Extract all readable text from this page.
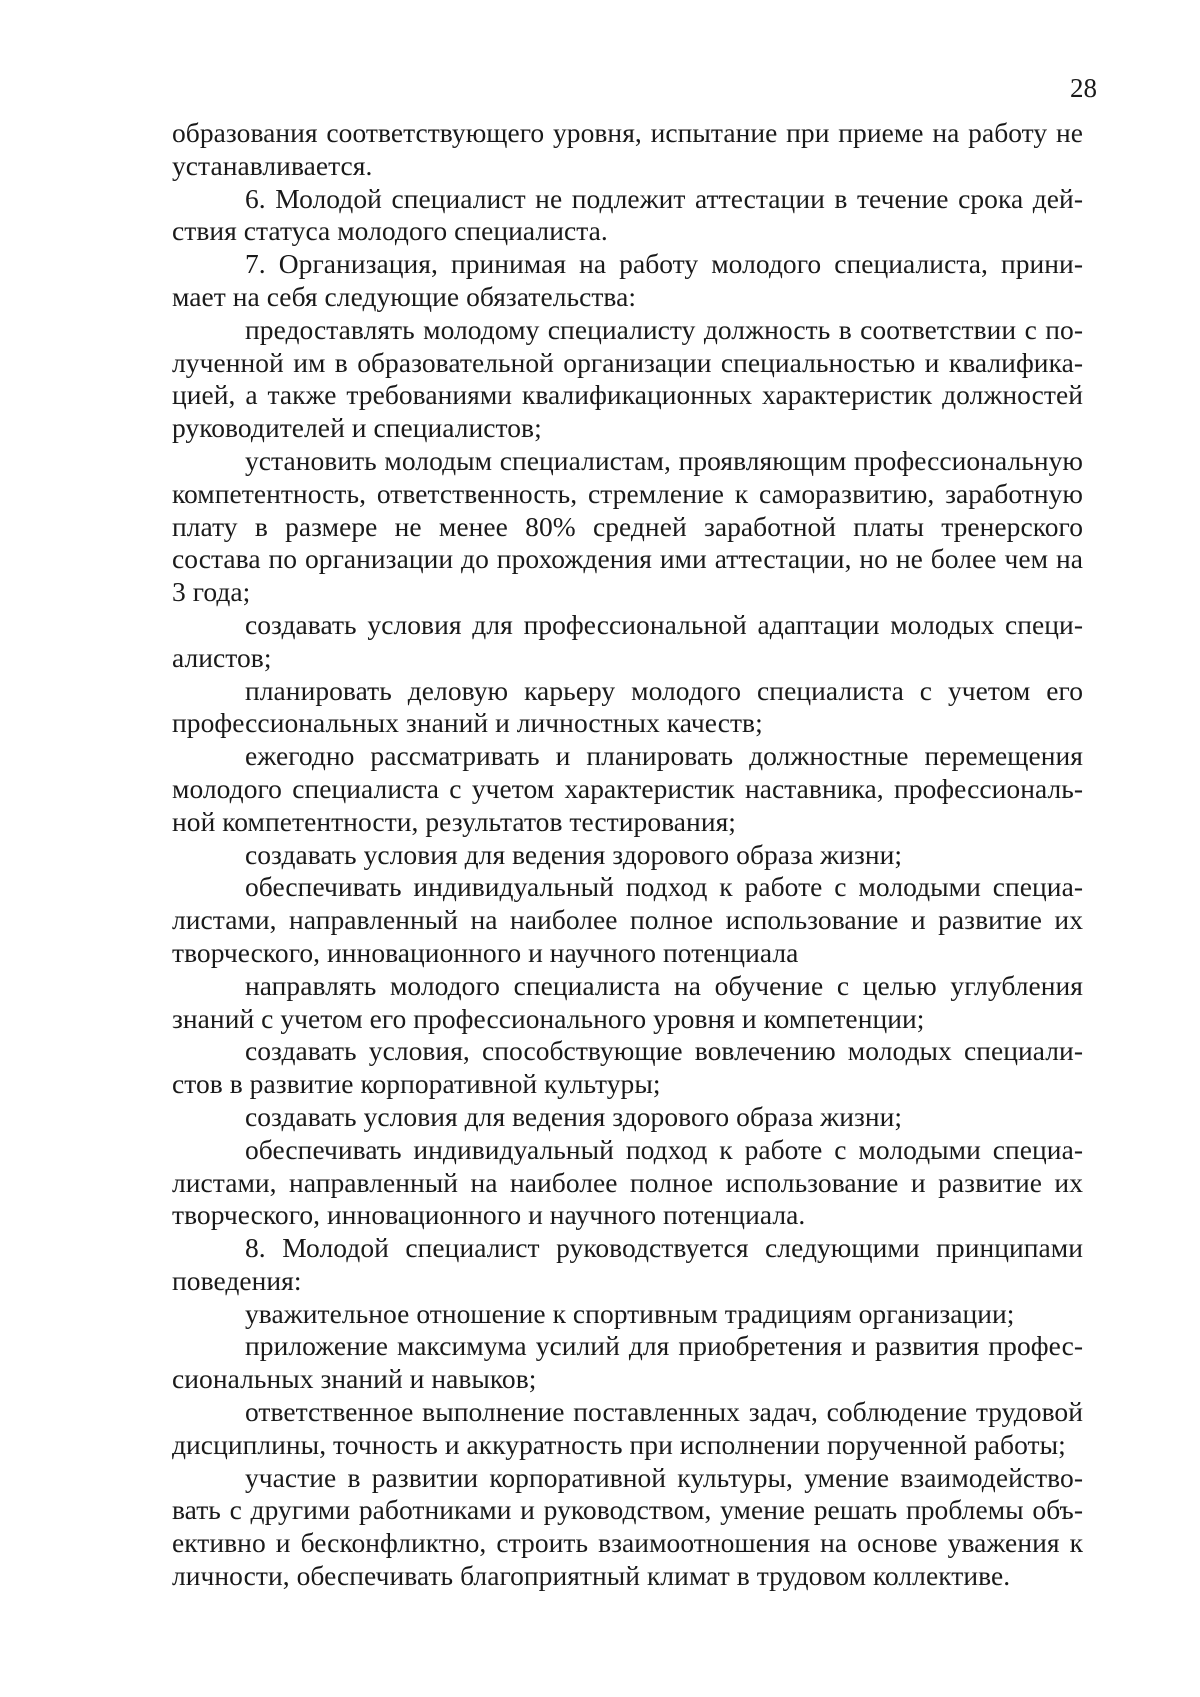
28

образования соответствующего уровня, испытание при приеме на работу не устанавливается.

6. Молодой специалист не подлежит аттестации в течение срока действия статуса молодого специалиста.

7. Организация, принимая на работу молодого специалиста, принимает на себя следующие обязательства:

предоставлять молодому специалисту должность в соответствии с полученной им в образовательной организации специальностью и квалификацией, а также требованиями квалификационных характеристик должностей руководителей и специалистов;

установить молодым специалистам, проявляющим профессиональную компетентность, ответственность, стремление к саморазвитию, заработную плату в размере не менее 80% средней заработной платы тренерского состава по организации до прохождения ими аттестации, но не более чем на 3 года;

создавать условия для профессиональной адаптации молодых специалистов;

планировать деловую карьеру молодого специалиста с учетом его профессиональных знаний и личностных качеств;

ежегодно рассматривать и планировать должностные перемещения молодого специалиста с учетом характеристик наставника, профессиональной компетентности, результатов тестирования;

создавать условия для ведения здорового образа жизни;

обеспечивать индивидуальный подход к работе с молодыми специалистами, направленный на наиболее полное использование и развитие их творческого, инновационного и научного потенциала

направлять молодого специалиста на обучение с целью углубления знаний с учетом его профессионального уровня и компетенции;

создавать условия, способствующие вовлечению молодых специалистов в развитие корпоративной культуры;

создавать условия для ведения здорового образа жизни;

обеспечивать индивидуальный подход к работе с молодыми специалистами, направленный на наиболее полное использование и развитие их творческого, инновационного и научного потенциала.

8. Молодой специалист руководствуется следующими принципами поведения:

уважительное отношение к спортивным традициям организации;

приложение максимума усилий для приобретения и развития профессиональных знаний и навыков;

ответственное выполнение поставленных задач, соблюдение трудовой дисциплины, точность и аккуратность при исполнении порученной работы;

участие в развитии корпоративной культуры, умение взаимодействовать с другими работниками и руководством, умение решать проблемы объективно и бесконфликтно, строить взаимоотношения на основе уважения к личности, обеспечивать благоприятный климат в трудовом коллективе.
